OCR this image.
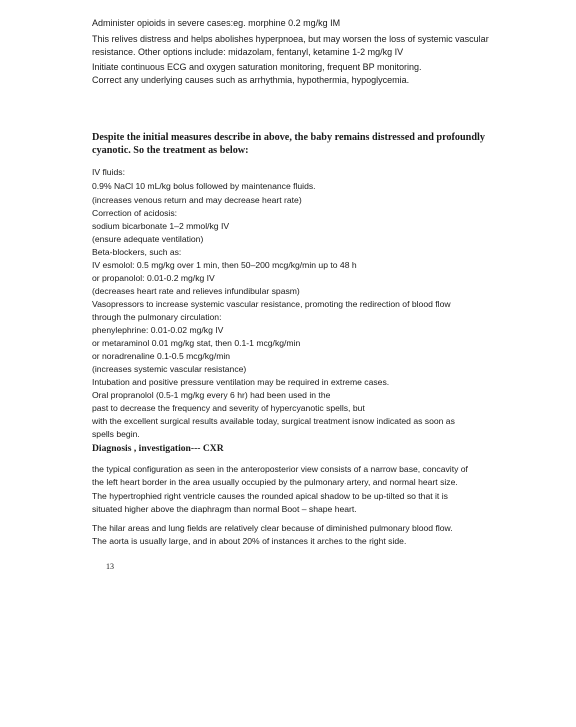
Administer opioids in severe cases:eg. morphine 0.2 mg/kg IM
This relives distress and helps abolishes hyperpnoea, but may worsen the loss of systemic vascular
resistance. Other options include: midazolam, fentanyl, ketamine 1-2 mg/kg IV
Initiate continuous ECG and oxygen saturation monitoring, frequent BP monitoring.
Correct any underlying causes such as arrhythmia, hypothermia, hypoglycemia.
Despite the initial measures describe in above, the baby remains distressed and profoundly
cyanotic. So the treatment as below:
IV fluids:
0.9% NaCl 10 mL/kg bolus followed by maintenance fluids.
(increases venous return and may decrease heart rate)
Correction of acidosis:
sodium bicarbonate 1–2 mmol/kg IV
(ensure adequate ventilation)
Beta-blockers, such as:
IV esmolol: 0.5 mg/kg over 1 min, then 50–200 mcg/kg/min up to 48 h
or propanolol: 0.01-0.2 mg/kg IV
(decreases heart rate and relieves infundibular spasm)
Vasopressors to increase systemic vascular resistance, promoting the redirection of blood flow
through the pulmonary circulation:
phenylephrine: 0.01-0.02 mg/kg IV
or metaraminol 0.01 mg/kg stat, then 0.1-1 mcg/kg/min
or noradrenaline 0.1-0.5 mcg/kg/min
(increases systemic vascular resistance)
Intubation and positive pressure ventilation may be required in extreme cases.
Oral propranolol (0.5-1 mg/kg every 6 hr) had been used in the
past to decrease the frequency and severity of hypercyanotic spells, but
with the excellent surgical results available today, surgical treatment isnow indicated as soon as
spells begin.
Diagnosis , investigation--- CXR
the typical configuration as seen in the anteroposterior view consists of a narrow base, concavity of
the left heart border in the area usually occupied by the pulmonary artery, and normal heart size.
The hypertrophied right ventricle causes the rounded apical shadow to be up-tilted so that it is
situated higher above the diaphragm than normal Boot – shape heart.
The hilar areas and lung fields are relatively clear because of diminished pulmonary blood flow.
The aorta is usually large, and in about 20% of instances it arches to the right side.
13
